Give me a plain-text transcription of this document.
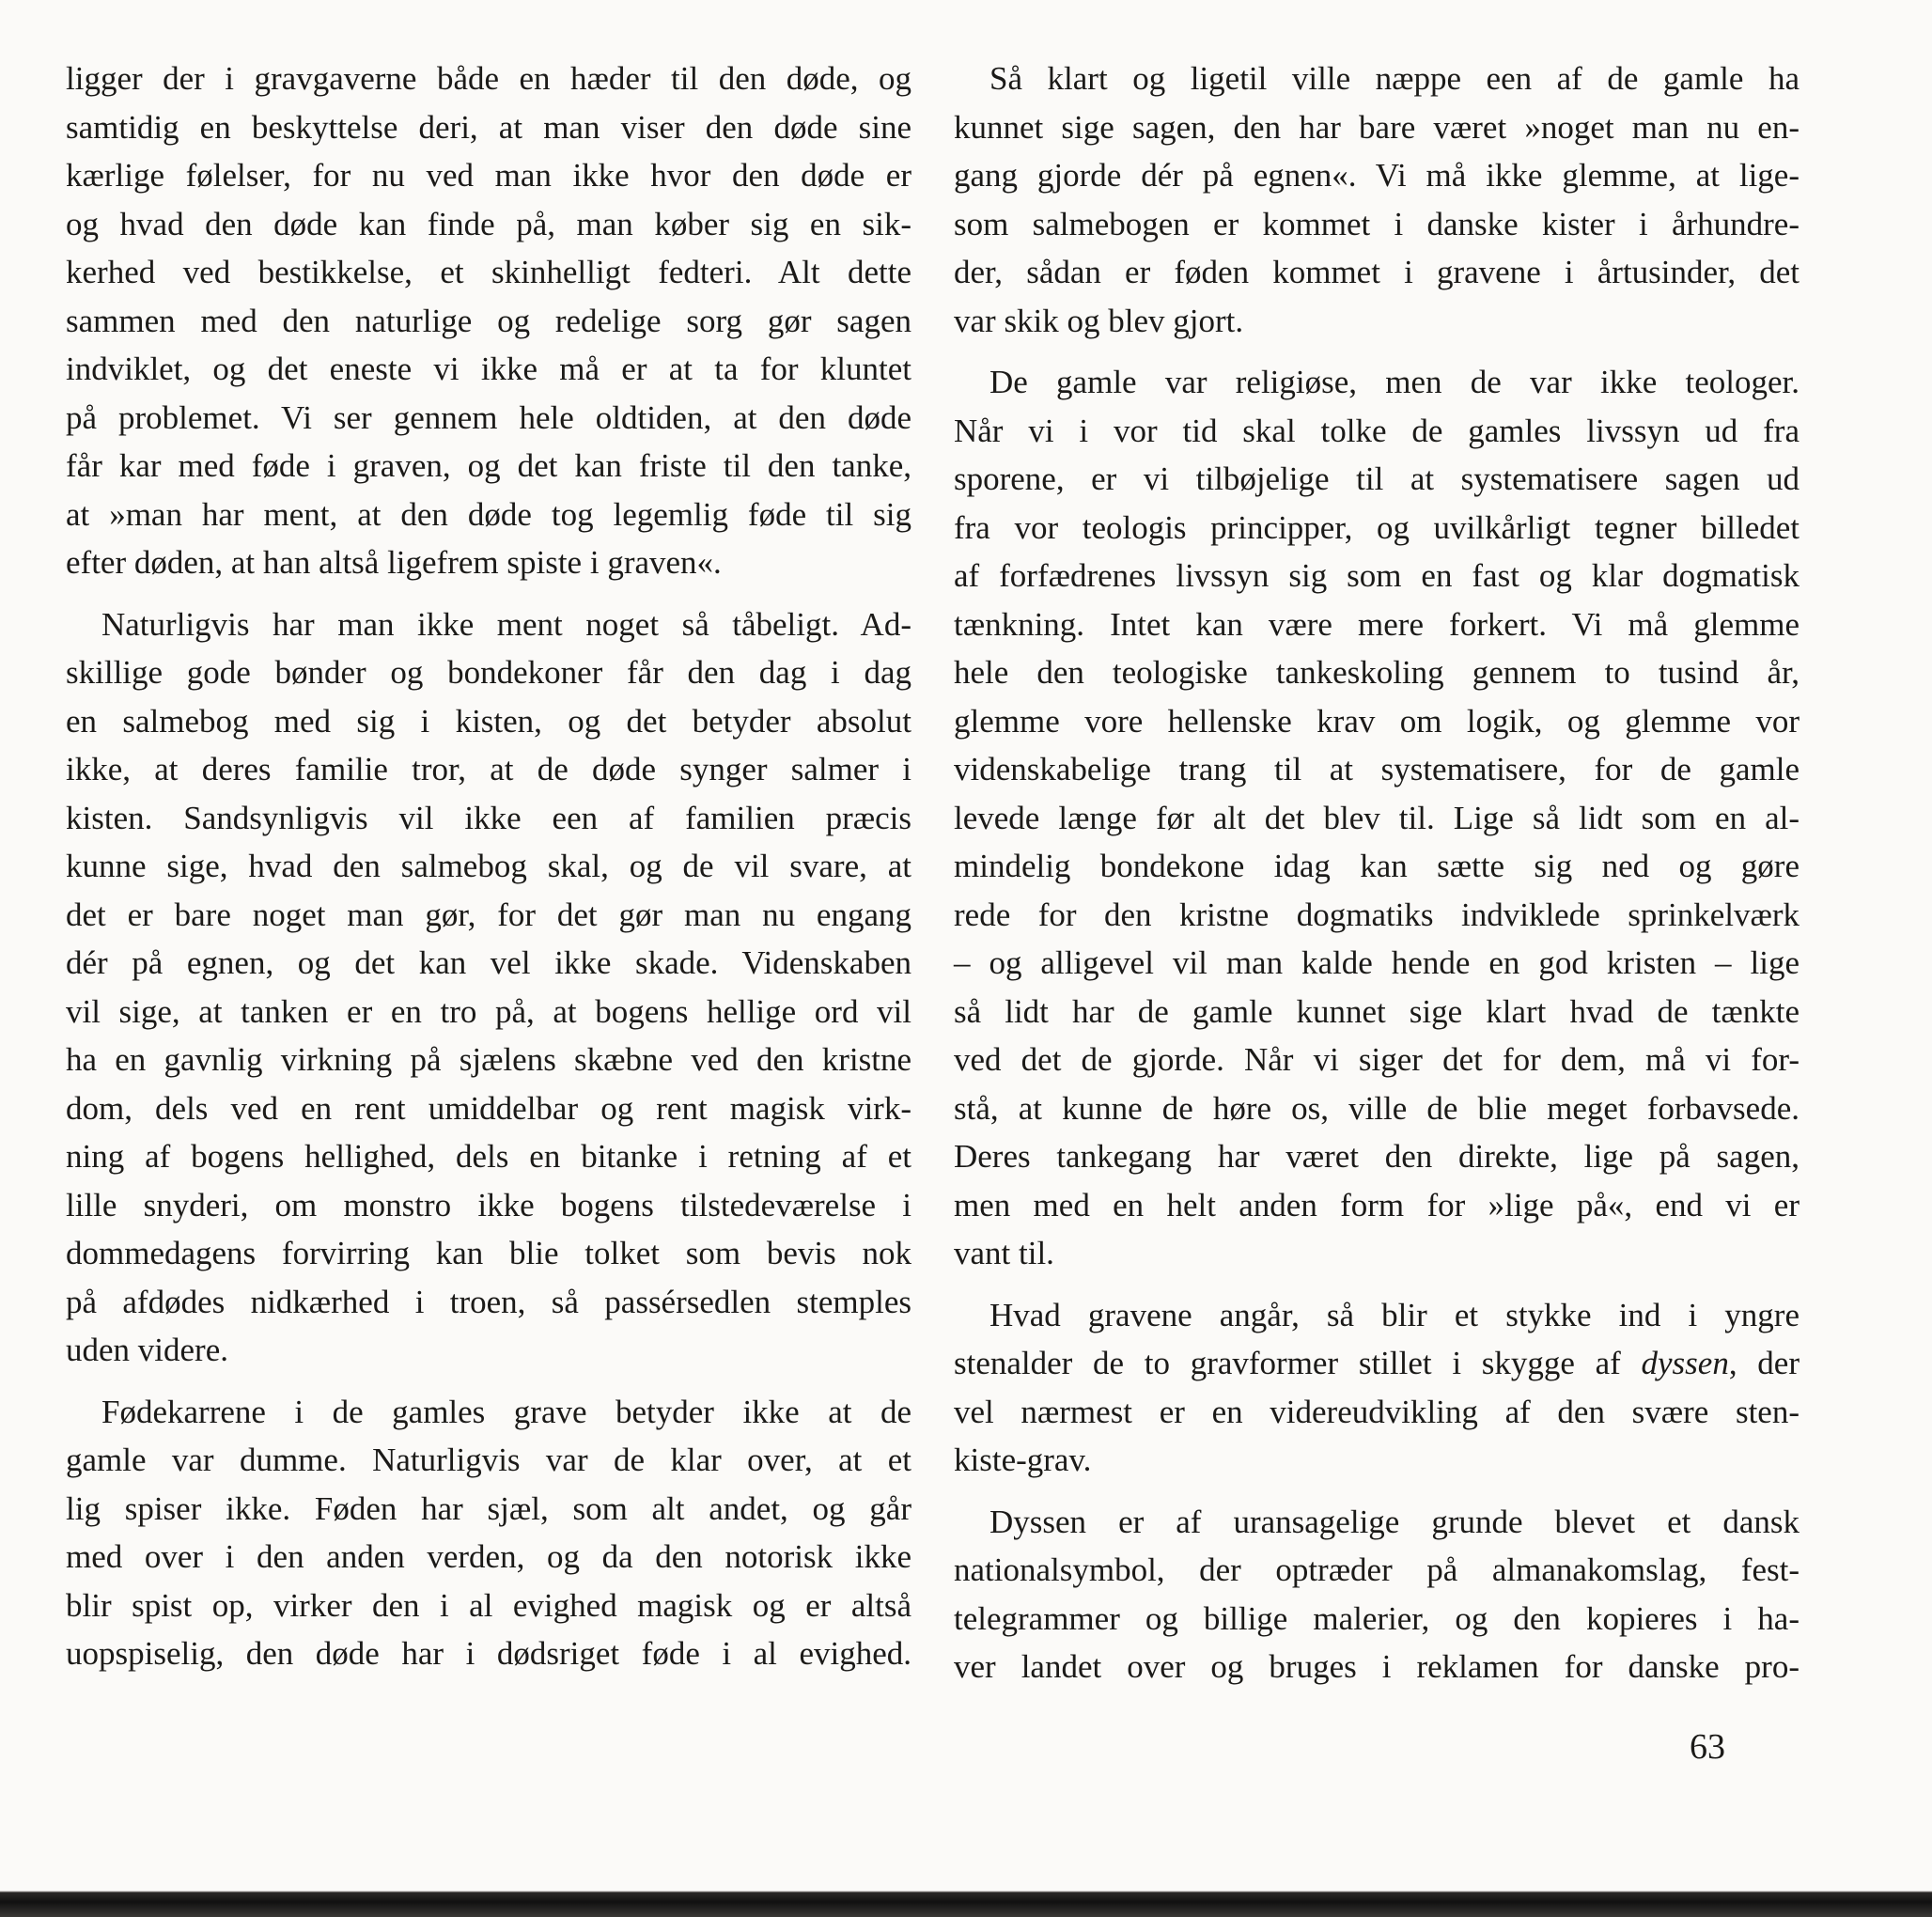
ligger der i gravgaverne både en hæder til den døde, og
samtidig en beskyttelse deri, at man viser den døde sine
kærlige følelser, for nu ved man ikke hvor den døde er
og hvad den døde kan finde på, man køber sig en sik-
kerhed ved bestikkelse, et skinhelligt fedteri. Alt dette
sammen med den naturlige og redelige sorg gør sagen
indviklet, og det eneste vi ikke må er at ta for kluntet
på problemet. Vi ser gennem hele oldtiden, at den døde
får kar med føde i graven, og det kan friste til den tanke,
at »man har ment, at den døde tog legemlig føde til sig
efter døden, at han altså ligefrem spiste i graven«.

Naturligvis har man ikke ment noget så tåbeligt. Ad-
skillige gode bønder og bondekoner får den dag i dag
en salmebog med sig i kisten, og det betyder absolut
ikke, at deres familie tror, at de døde synger salmer i
kisten. Sandsynligvis vil ikke een af familien præcis
kunne sige, hvad den salmebog skal, og de vil svare, at
det er bare noget man gør, for det gør man nu engang
dér på egnen, og det kan vel ikke skade. Videnskaben
vil sige, at tanken er en tro på, at bogens hellige ord vil
ha en gavnlig virkning på sjælens skæbne ved den kristne
dom, dels ved en rent umiddelbar og rent magisk virk-
ning af bogens hellighed, dels en bitanke i retning af et
lille snyderi, om monstro ikke bogens tilstedeværelse i
dommedagens forvirring kan blie tolket som bevis nok
på afdødes nidkærhed i troen, så passérsedlen stemples
uden videre.

Fødekarrene i de gamles grave betyder ikke at de
gamle var dumme. Naturligvis var de klar over, at et
lig spiser ikke. Føden har sjæl, som alt andet, og går
med over i den anden verden, og da den notorisk ikke
blir spist op, virker den i al evighed magisk og er altså
uopspiselig, den døde har i dødsriget føde i al evighed.

Så klart og ligetil ville næppe een af de gamle ha
kunnet sige sagen, den har bare været »noget man nu en-
gang gjorde dér på egnen«. Vi må ikke glemme, at lige-
som salmebogen er kommet i danske kister i århundre-
der, sådan er føden kommet i gravene i årtusinder, det
var skik og blev gjort.

De gamle var religiøse, men de var ikke teologer.
Når vi i vor tid skal tolke de gamles livssyn ud fra
sporene, er vi tilbøjelige til at systematisere sagen ud
fra vor teologis principper, og uvilkårligt tegner billedet
af forfædrenes livssyn sig som en fast og klar dogmatisk
tænkning. Intet kan være mere forkert. Vi må glemme
hele den teologiske tankeskoling gennem to tusind år,
glemme vore hellenske krav om logik, og glemme vor
videnskabelige trang til at systematisere, for de gamle
levede længe før alt det blev til. Lige så lidt som en al-
mindelig bondekone idag kan sætte sig ned og gøre
rede for den kristne dogmatiks indviklede sprinkelværk
– og alligevel vil man kalde hende en god kristen – lige
så lidt har de gamle kunnet sige klart hvad de tænkte
ved det de gjorde. Når vi siger det for dem, må vi for-
stå, at kunne de høre os, ville de blie meget forbavsede.
Deres tankegang har været den direkte, lige på sagen,
men med en helt anden form for »lige på«, end vi er
vant til.

Hvad gravene angår, så blir et stykke ind i yngre
stenalder de to gravformer stillet i skygge af dyssen, der
vel nærmest er en videreudvikling af den svære sten-
kiste-grav.

Dyssen er af uransagelige grunde blevet et dansk
nationalsymbol, der optræder på almanakomslag, fest-
telegrammer og billige malerier, og den kopieres i ha-
ver landet over og bruges i reklamen for danske pro-

63
